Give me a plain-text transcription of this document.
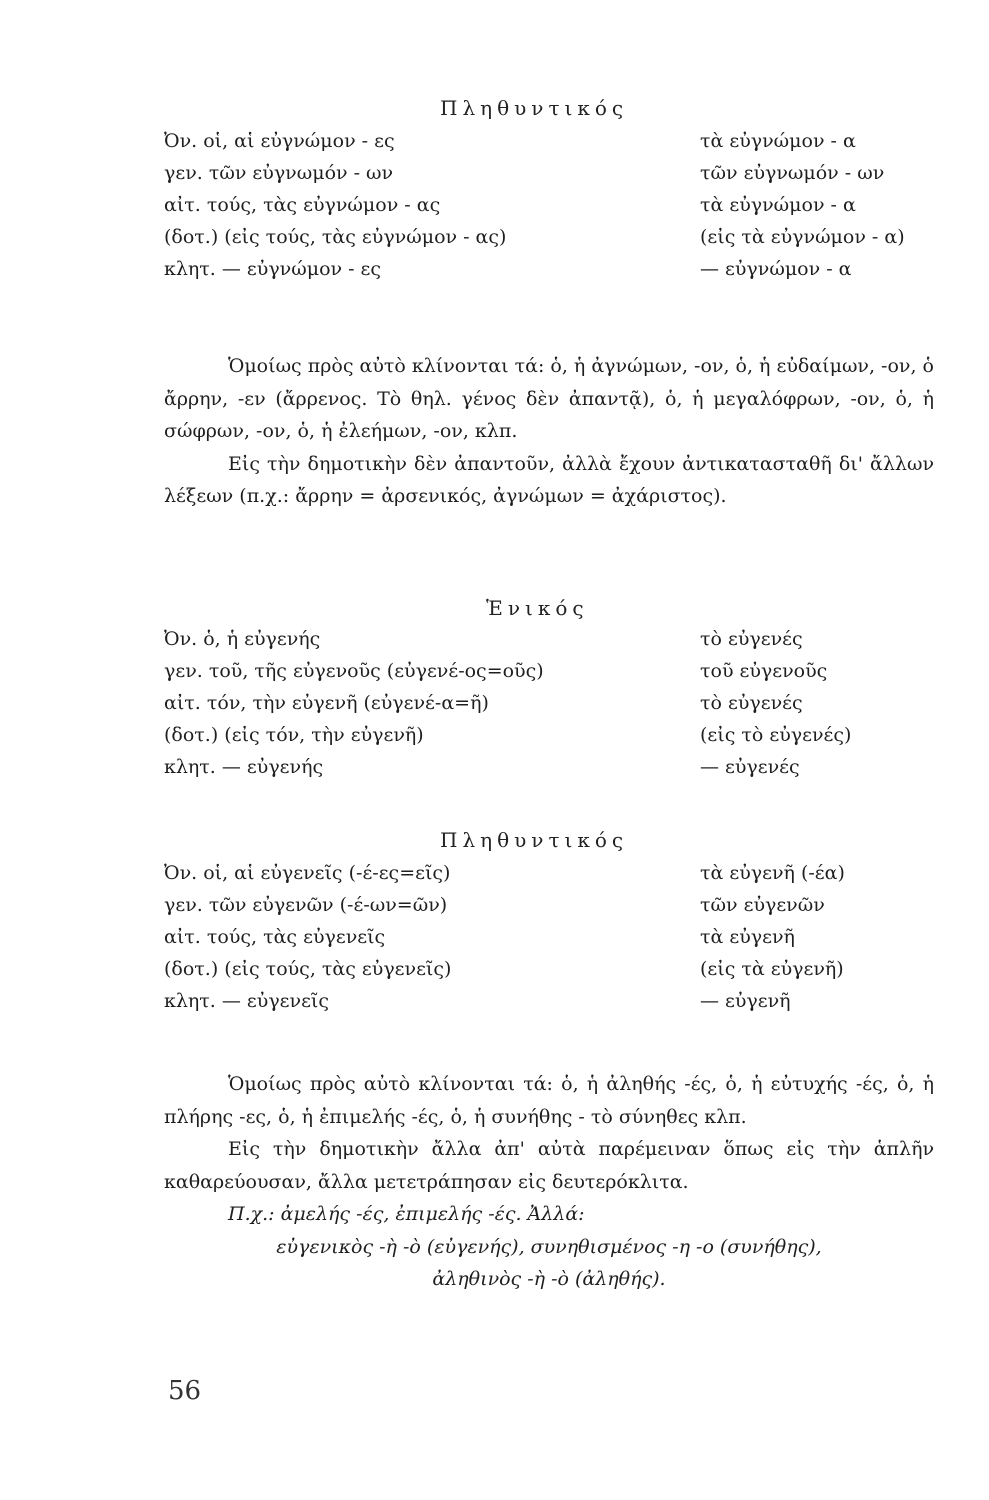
Πληθυντικός
Ὀν. οἱ, αἱ εὐγνώμον - ες	τὰ εὐγνώμον - α
γεν. τῶν εὐγνωμόν - ων	τῶν εὐγνωμόν - ων
αἰτ. τούς, τὰς εὐγνώμον - ας	τὰ εὐγνώμον - α
(δοτ.) (εἰς τούς, τὰς εὐγνώμον - ας)	(εἰς τὰ εὐγνώμον - α)
κλητ. — εὐγνώμον - ες	— εὐγνώμον - α

Ὁμοίως πρὸς αὐτὸ κλίνονται τά: ὁ, ἡ ἀγνώμων, -ον, ὁ, ἡ εὐδαίμων, -ον, ὁ ἄρρην, -εν (ἄρρενος. Τὸ θηλ. γένος δὲν ἀπαντᾷ), ὁ, ἡ μεγαλόφρων, -ον, ὁ, ἡ σώφρων, -ον, ὁ, ἡ ἐλεήμων, -ον, κλπ.

Εἰς τὴν δημοτικὴν δὲν ἀπαντοῦν, ἀλλὰ ἔχουν ἀντικατασταθῆ δι' ἄλλων λέξεων (π.χ.: ἄρρην = ἀρσενικός, ἀγνώμων = ἀχάριστος).

Ἑνικός
Ὀν. ὁ, ἡ εὐγενής	τὸ εὐγενές
γεν. τοῦ, τῆς εὐγενοῦς (εὐγενέ-ος=οῦς)	τοῦ εὐγενοῦς
αἰτ. τόν, τὴν εὐγενῆ (εὐγενέ-α=ῆ)	τὸ εὐγενές
(δοτ.) (εἰς τόν, τὴν εὐγενῆ)	(εἰς τὸ εὐγενές)
κλητ. — εὐγενής	— εὐγενές
Πληθυντικός
Ὀν. οἱ, αἱ εὐγενεῖς (-έ-ες=εῖς)	τὰ εὐγενῆ (-έα)
γεν. τῶν εὐγενῶν (-έ-ων=ῶν)	τῶν εὐγενῶν
αἰτ. τούς, τὰς εὐγενεῖς	τὰ εὐγενῆ
(δοτ.) (εἰς τούς, τὰς εὐγενεῖς)	(εἰς τὰ εὐγενῆ)
κλητ. — εὐγενεῖς	— εὐγενῆ

Ὁμοίως πρὸς αὐτὸ κλίνονται τά: ὁ, ἡ ἀληθής -ές, ὁ, ἡ εὐτυχής -ές, ὁ, ἡ πλήρης -ες, ὁ, ἡ ἐπιμελής -ές, ὁ, ἡ συνήθης - τὸ σύνηθες κλπ.

Εἰς τὴν δημοτικὴν ἄλλα ἀπ' αὐτὰ παρέμειναν ὅπως εἰς τὴν ἁπλῆν καθαρεύουσαν, ἄλλα μετετράπησαν εἰς δευτερόκλιτα.

Π.χ.: ἀμελής -ές, ἐπιμελής -ές. Ἀλλά:

εὐγενικὸς -ὴ -ὸ (εὐγενής), συνηθισμένος -η -ο (συνήθης),

ἀληθινὸς -ὴ -ὸ (ἀληθής).

56
